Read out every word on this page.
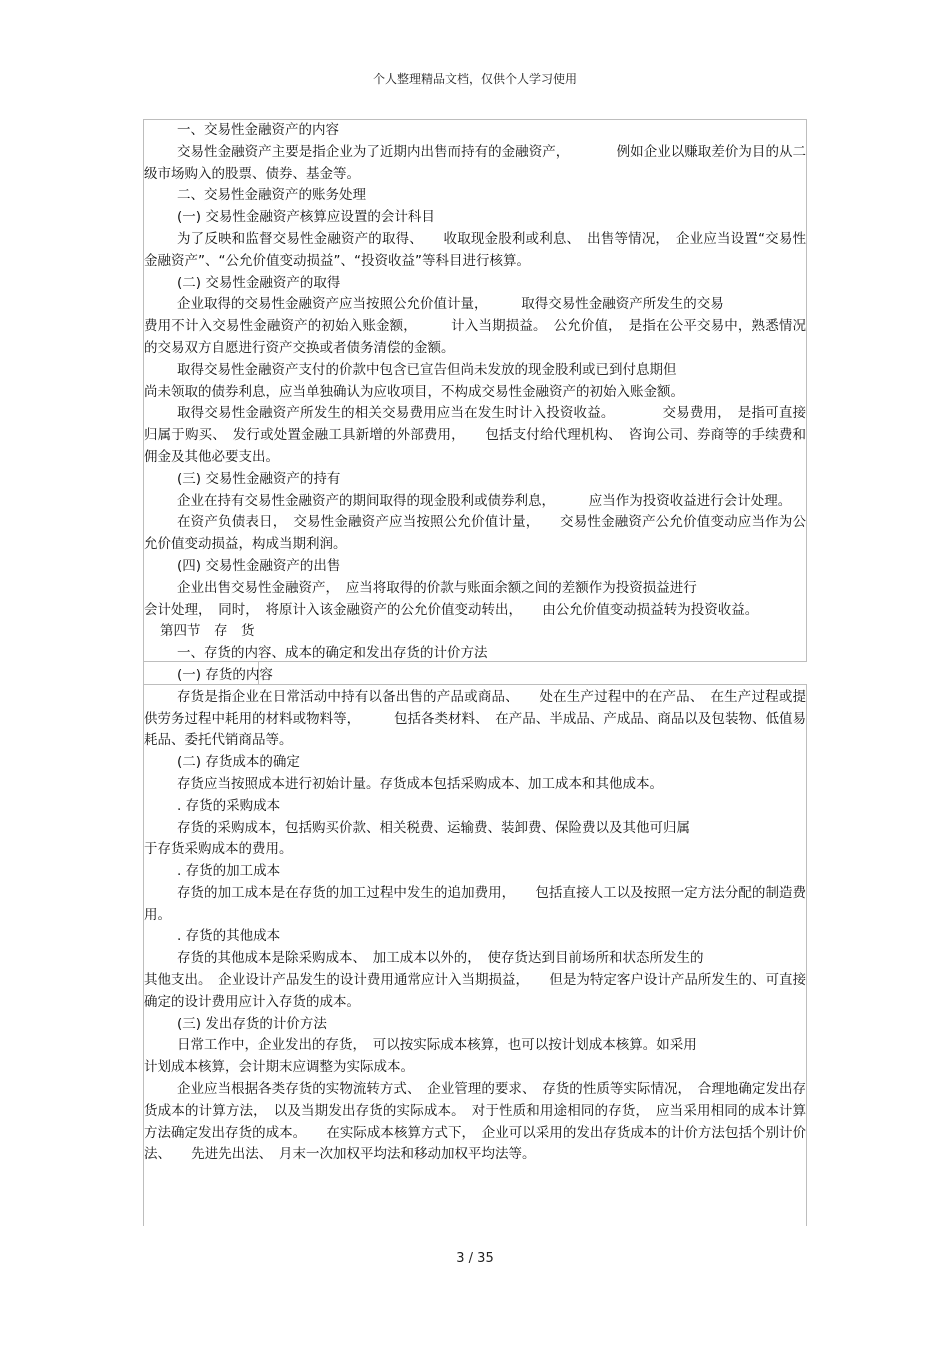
个人整理精品文档，仅供个人学习使用

一、交易性金融资产的内容

交易性金融资产主要是指企业为了近期内出售而持有的金融资产，　　　　例如企业以赚取差价为目的从二级市场购入的股票、债券、基金等。

二、交易性金融资产的账务处理

(一) 交易性金融资产核算应设置的会计科目

为了反映和监督交易性金融资产的取得、　　收取现金股利或利息、　出售等情况，　企业应当设置“交易性金融资产”、“公允价值变动损益”、“投资收益”等科目进行核算。

(二) 交易性金融资产的取得

企业取得的交易性金融资产应当按照公允价值计量，　　　取得交易性金融资产所发生的交易

费用不计入交易性金融资产的初始入账金额，　　　计入当期损益。　公允价值，　是指在公平交易中，熟悉情况的交易双方自愿进行资产交换或者债务清偿的金额。

取得交易性金融资产支付的价款中包含已宣告但尚未发放的现金股利或已到付息期但

尚未领取的债券利息，应当单独确认为应收项目，不构成交易性金融资产的初始入账金额。

取得交易性金融资产所发生的相关交易费用应当在发生时计入投资收益。　　　　交易费用，　是指可直接归属于购买、　发行或处置金融工具新增的外部费用，　　包括支付给代理机构、　咨询公司、券商等的手续费和佣金及其他必要支出。

(三) 交易性金融资产的持有

企业在持有交易性金融资产的期间取得的现金股利或债券利息，　　　应当作为投资收益进行会计处理。

在资产负债表日，　交易性金融资产应当按照公允价值计量，　　交易性金融资产公允价值变动应当作为公允价值变动损益，构成当期利润。

(四) 交易性金融资产的出售

企业出售交易性金融资产，　应当将取得的价款与账面余额之间的差额作为投资损益进行

会计处理，　同时，　将原计入该金融资产的公允价值变动转出，　　由公允价值变动损益转为投资收益。

第四节　存　货

一、存货的内容、成本的确定和发出存货的计价方法

(一) 存货的内容

存货是指企业在日常活动中持有以备出售的产品或商品、　　处在生产过程中的在产品、　在生产过程或提供劳务过程中耗用的材料或物料等，　　　包括各类材料、　在产品、半成品、产成品、商品以及包装物、低值易耗品、委托代销商品等。

(二) 存货成本的确定

存货应当按照成本进行初始计量。存货成本包括采购成本、加工成本和其他成本。

. 存货的采购成本

存货的采购成本，包括购买价款、相关税费、运输费、装卸费、保险费以及其他可归属

于存货采购成本的费用。

. 存货的加工成本

存货的加工成本是在存货的加工过程中发生的追加费用，　　包括直接人工以及按照一定方法分配的制造费用。

. 存货的其他成本

存货的其他成本是除采购成本、　加工成本以外的，　使存货达到目前场所和状态所发生的

其他支出。　企业设计产品发生的设计费用通常应计入当期损益，　　但是为特定客户设计产品所发生的、可直接确定的设计费用应计入存货的成本。

(三) 发出存货的计价方法

日常工作中，企业发出的存货，　可以按实际成本核算，也可以按计划成本核算。如采用

计划成本核算，会计期末应调整为实际成本。

企业应当根据各类存货的实物流转方式、　企业管理的要求、　存货的性质等实际情况，　合理地确定发出存货成本的计算方法，　以及当期发出存货的实际成本。　对于性质和用途相同的存货，　应当采用相同的成本计算方法确定发出存货的成本。　　在实际成本核算方式下，　企业可以采用的发出存货成本的计价方法包括个别计价法、　　先进先出法、　月末一次加权平均法和移动加权平均法等。

3 / 35
